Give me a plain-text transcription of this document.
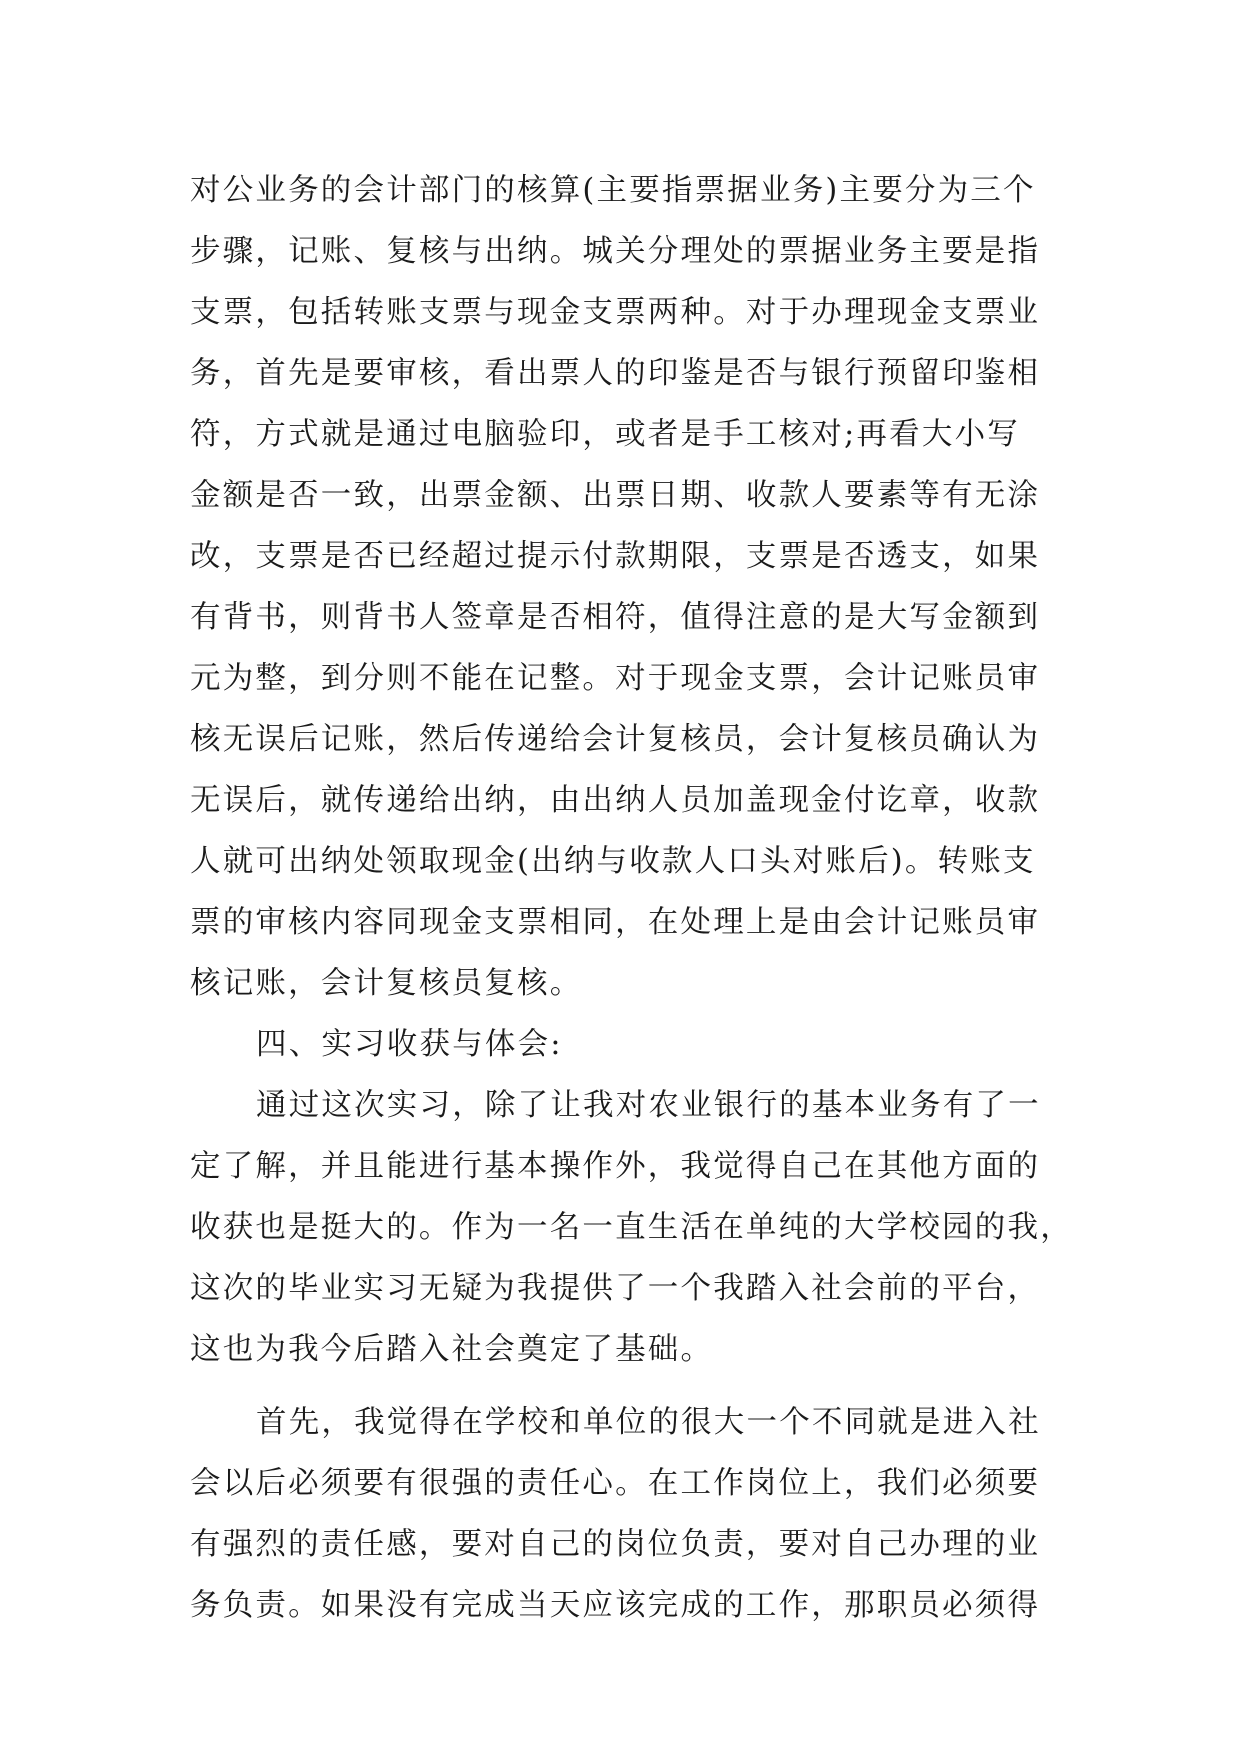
对公业务的会计部门的核算(主要指票据业务)主要分为三个
步骤，记账、复核与出纳。城关分理处的票据业务主要是指
支票，包括转账支票与现金支票两种。对于办理现金支票业
务，首先是要审核，看出票人的印鉴是否与银行预留印鉴相
符，方式就是通过电脑验印，或者是手工核对;再看大小写
金额是否一致，出票金额、出票日期、收款人要素等有无涂
改，支票是否已经超过提示付款期限，支票是否透支，如果
有背书，则背书人签章是否相符，值得注意的是大写金额到
元为整，到分则不能在记整。对于现金支票，会计记账员审
核无误后记账，然后传递给会计复核员，会计复核员确认为
无误后，就传递给出纳，由出纳人员加盖现金付讫章，收款
人就可出纳处领取现金(出纳与收款人口头对账后)。转账支
票的审核内容同现金支票相同，在处理上是由会计记账员审
核记账，会计复核员复核。
四、实习收获与体会:
通过这次实习，除了让我对农业银行的基本业务有了一
定了解，并且能进行基本操作外，我觉得自己在其他方面的
收获也是挺大的。作为一名一直生活在单纯的大学校园的我，
这次的毕业实习无疑为我提供了一个我踏入社会前的平台，
这也为我今后踏入社会奠定了基础。
首先，我觉得在学校和单位的很大一个不同就是进入社
会以后必须要有很强的责任心。在工作岗位上，我们必须要
有强烈的责任感，要对自己的岗位负责，要对自己办理的业
务负责。如果没有完成当天应该完成的工作，那职员必须得
